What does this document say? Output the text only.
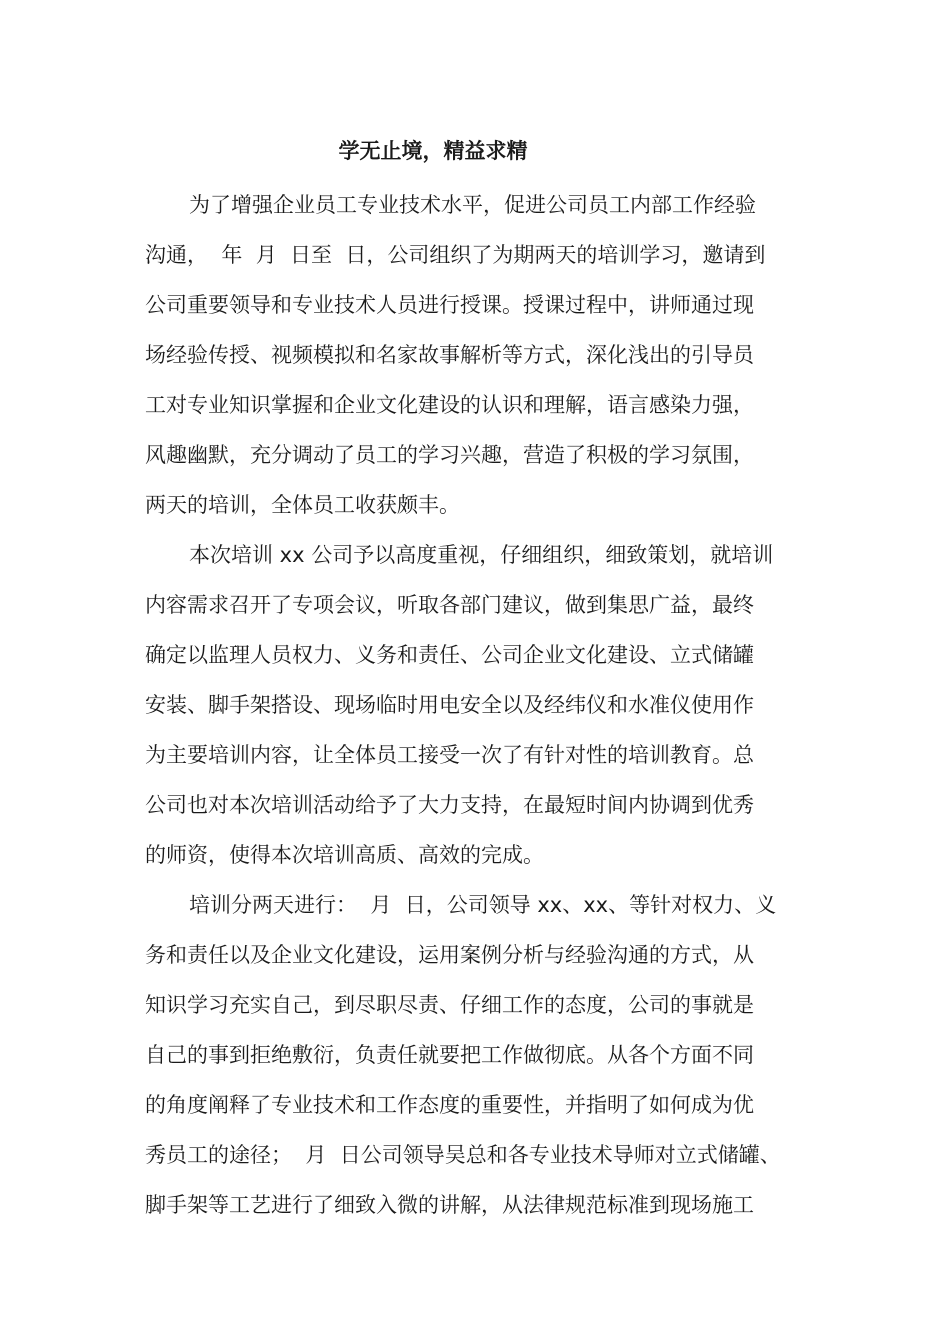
学无止境，精益求精
为了增强企业员工专业技术水平，促进公司员工内部工作经验
沟通，  年  月  日至  日，公司组织了为期两天的培训学习，邀请到
公司重要领导和专业技术人员进行授课。授课过程中，讲师通过现
场经验传授、视频模拟和名家故事解析等方式，深化浅出的引导员
工对专业知识掌握和企业文化建设的认识和理解，语言感染力强，
风趣幽默，充分调动了员工的学习兴趣，营造了积极的学习氛围，
两天的培训，全体员工收获颇丰。
本次培训 xx 公司予以高度重视，仔细组织，细致策划，就培训
内容需求召开了专项会议，听取各部门建议，做到集思广益，最终
确定以监理人员权力、义务和责任、公司企业文化建设、立式储罐
安装、脚手架搭设、现场临时用电安全以及经纬仪和水准仪使用作
为主要培训内容，让全体员工接受一次了有针对性的培训教育。总
公司也对本次培训活动给予了大力支持，在最短时间内协调到优秀
的师资，使得本次培训高质、高效的完成。
培训分两天进行：  月  日，公司领导 xx、xx、等针对权力、义
务和责任以及企业文化建设，运用案例分析与经验沟通的方式，从
知识学习充实自己，到尽职尽责、仔细工作的态度，公司的事就是
自己的事到拒绝敷衍，负责任就要把工作做彻底。从各个方面不同
的角度阐释了专业技术和工作态度的重要性，并指明了如何成为优
秀员工的途径；  月  日公司领导吴总和各专业技术导师对立式储罐、
脚手架等工艺进行了细致入微的讲解，从法律规范标准到现场施工
